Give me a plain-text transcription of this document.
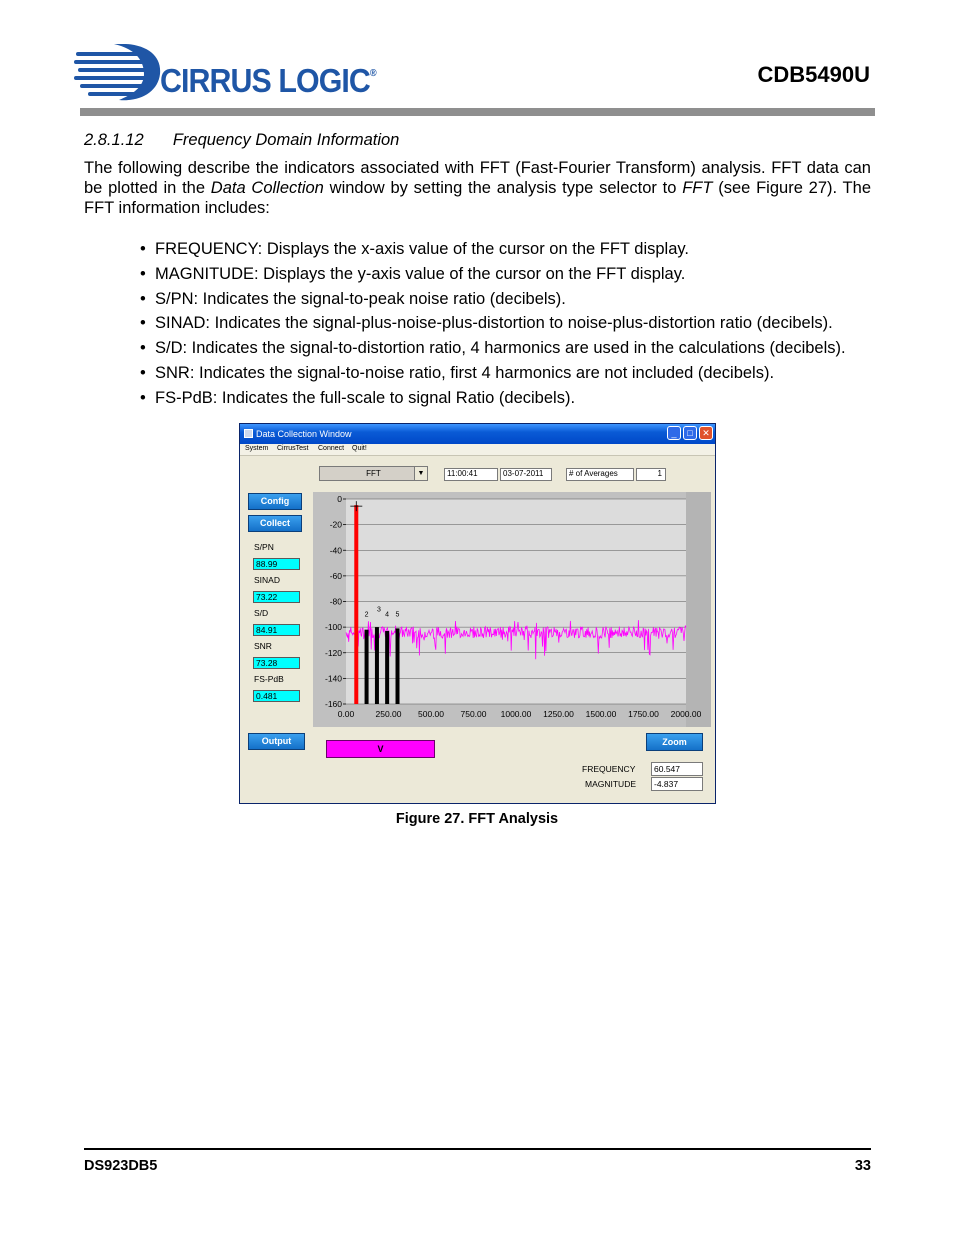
CIRRUS LOGIC®	CDB5490U
2.8.1.12 Frequency Domain Information
The following describe the indicators associated with FFT (Fast-Fourier Transform) analysis. FFT data can be plotted in the Data Collection window by setting the analysis type selector to FFT (see Figure 27). The FFT information includes:
• FREQUENCY: Displays the x-axis value of the cursor on the FFT display.
• MAGNITUDE: Displays the y-axis value of the cursor on the FFT display.
• S/PN: Indicates the signal-to-peak noise ratio (decibels).
• SINAD: Indicates the signal-plus-noise-plus-distortion to noise-plus-distortion ratio (decibels).
• S/D: Indicates the signal-to-distortion ratio, 4 harmonics are used in the calculations (decibels).
• SNR: Indicates the signal-to-noise ratio, first 4 harmonics are not included (decibels).
• FS-PdB: Indicates the full-scale to signal Ratio (decibels).
Data Collection Window	_	□	✕
System CirrusTest Connect Quit!
FFT	▼	11:00:41	03-07-2011	# of Averages	1
Config
Collect
S/PN
88.99
SINAD
73.22
S/D
84.91
SNR
73.28
FS-PdB
0.481
0
-20
-40
-60
-80
-100
-120
-140
-160
0.00 250.00 500.00 750.00 1000.00 1250.00 1500.00 1750.00 2000.00
2
3
4 5
Output
V
Zoom
FREQUENCY	60.547
MAGNITUDE	-4.837
Figure 27. FFT Analysis
DS923DB5	33
